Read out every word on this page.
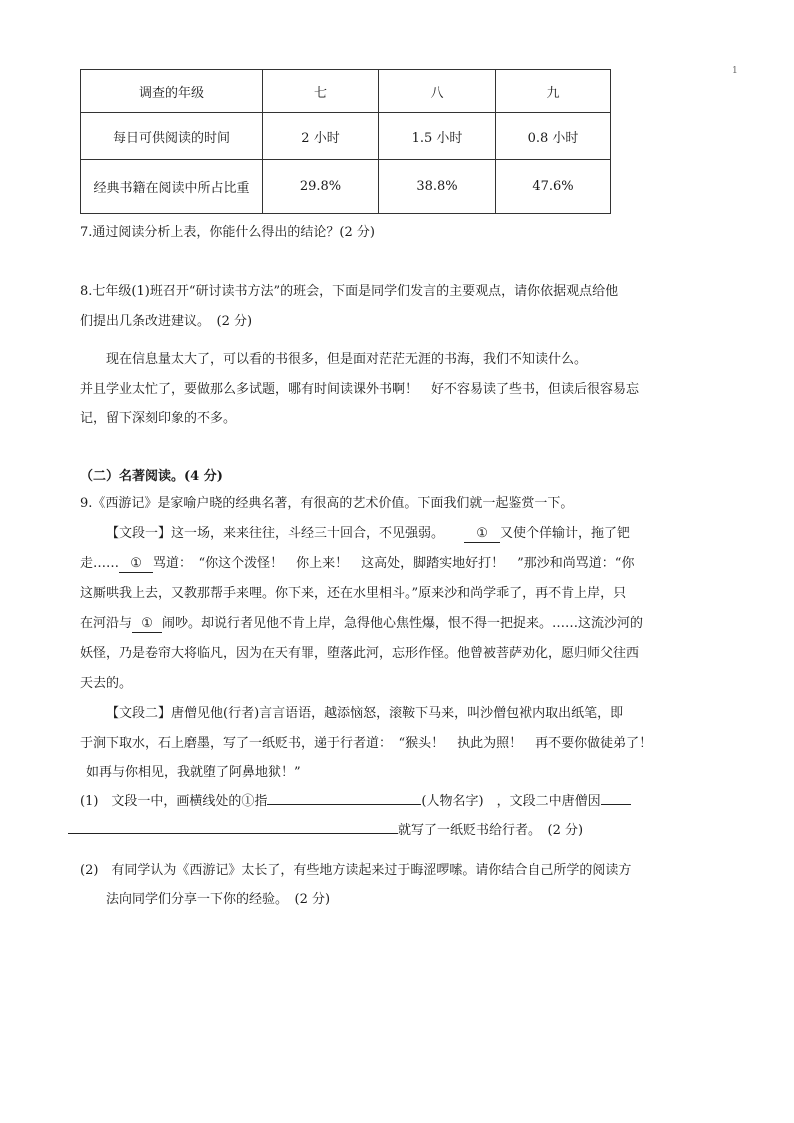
1
调查的年级	七	八	九
每日可供阅读的时间	2 小时	1.5 小时	0.8 小时
经典书籍在阅读中所占比重	29.8%	38.8%	47.6%
7.通过阅读分析上表，你能什么得出的结论？(2 分)
8.七年级(1)班召开“研讨读书方法”的班会，下面是同学们发言的主要观点，请你依据观点给他
们提出几条改进建议。　(2 分)
现在信息量太大了，可以看的书很多，但是面对茫茫无涯的书海，我们不知读什么。
并且学业太忙了，要做那么多试题，哪有时间读课外书啊！　好不容易读了些书，但读后很容易忘
记，留下深刻印象的不多。
（二）名著阅读。(4 分)
9.《西游记》是家喻户晓的经典名著，有很高的艺术价值。下面我们就一起鉴赏一下。
【文段一】这一场，来来往往，斗经三十回合，不见强弱。 ① 又使个佯输计，拖了钯
走…… ① 骂道：　“你这个泼怪！　你上来！　这高处，脚踏实地好打！　”那沙和尚骂道：“你
这厮哄我上去，又教那帮手来哩。你下来，还在水里相斗。”原来沙和尚学乖了，再不肯上岸，只
在河沿与 ① 闹吵。却说行者见他不肯上岸，急得他心焦性爆，恨不得一把捉来。……这流沙河的
妖怪，乃是卷帘大将临凡，因为在天有罪，堕落此河，忘形作怪。他曾被菩萨劝化，愿归师父往西
天去的。
【文段二】唐僧见他(行者)言言语语，越添恼怒，滚鞍下马来，叫沙僧包袱内取出纸笔，即
于涧下取水，石上磨墨，写了一纸贬书，递于行者道：　“猴头！　执此为照！　再不要你做徒弟了！
如再与你相见，我就堕了阿鼻地狱！”
(1)　文段一中，画横线处的①指	(人物名字)　，文段二中唐僧因
就写了一纸贬书给行者。　(2 分)
(2)　有同学认为《西游记》太长了，有些地方读起来过于晦涩啰嗦。请你结合自己所学的阅读方
法向同学们分享一下你的经验。　(2 分)
